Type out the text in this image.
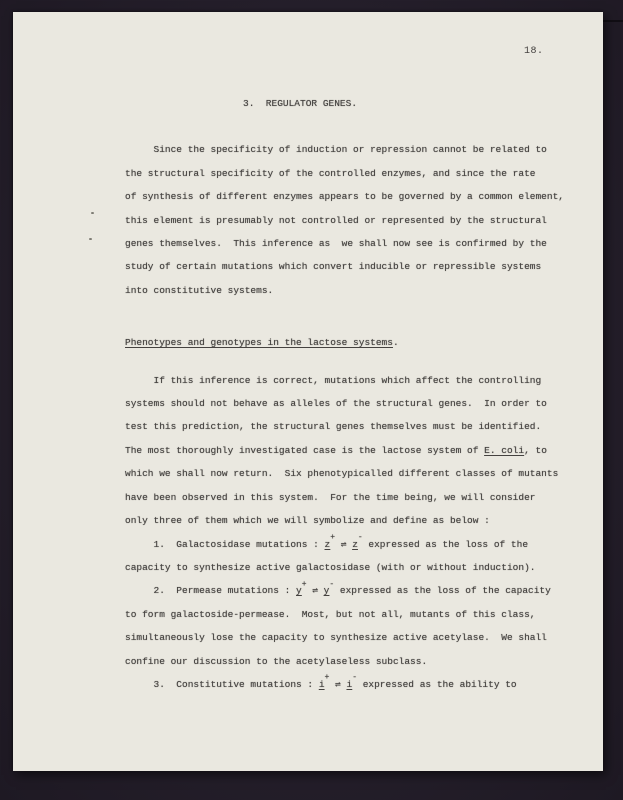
18.
3.  REGULATOR GENES.
Since the specificity of induction or repression cannot be related to
the structural specificity of the controlled enzymes, and since the rate
of synthesis of different enzymes appears to be governed by a common element,
this element is presumably not controlled or represented by the structural
genes themselves.  This inference as  we shall now see is confirmed by the
study of certain mutations which convert inducible or repressible systems
into constitutive systems.
Phenotypes and genotypes in the lactose systems.
If this inference is correct, mutations which affect the controlling
systems should not behave as alleles of the structural genes.  In order to
test this prediction, the structural genes themselves must be identified.
The most thoroughly investigated case is the lactose system of E. coli, to
which we shall now return.  Six phenotypicalled different classes of mutants
have been observed in this system.  For the time being, we will consider
only three of them which we will symbolize and define as below :
1.  Galactosidase mutations : z+ ⇌ z- expressed as the loss of the
capacity to synthesize active galactosidase (with or without induction).
2.  Permease mutations : y+ ⇌ y- expressed as the loss of the capacity
to form galactoside-permease.  Most, but not all, mutants of this class,
simultaneously lose the capacity to synthesize active acetylase.  We shall
confine our discussion to the acetylaseless subclass.
3.  Constitutive mutations : i+ ⇌ i- expressed as the ability to
